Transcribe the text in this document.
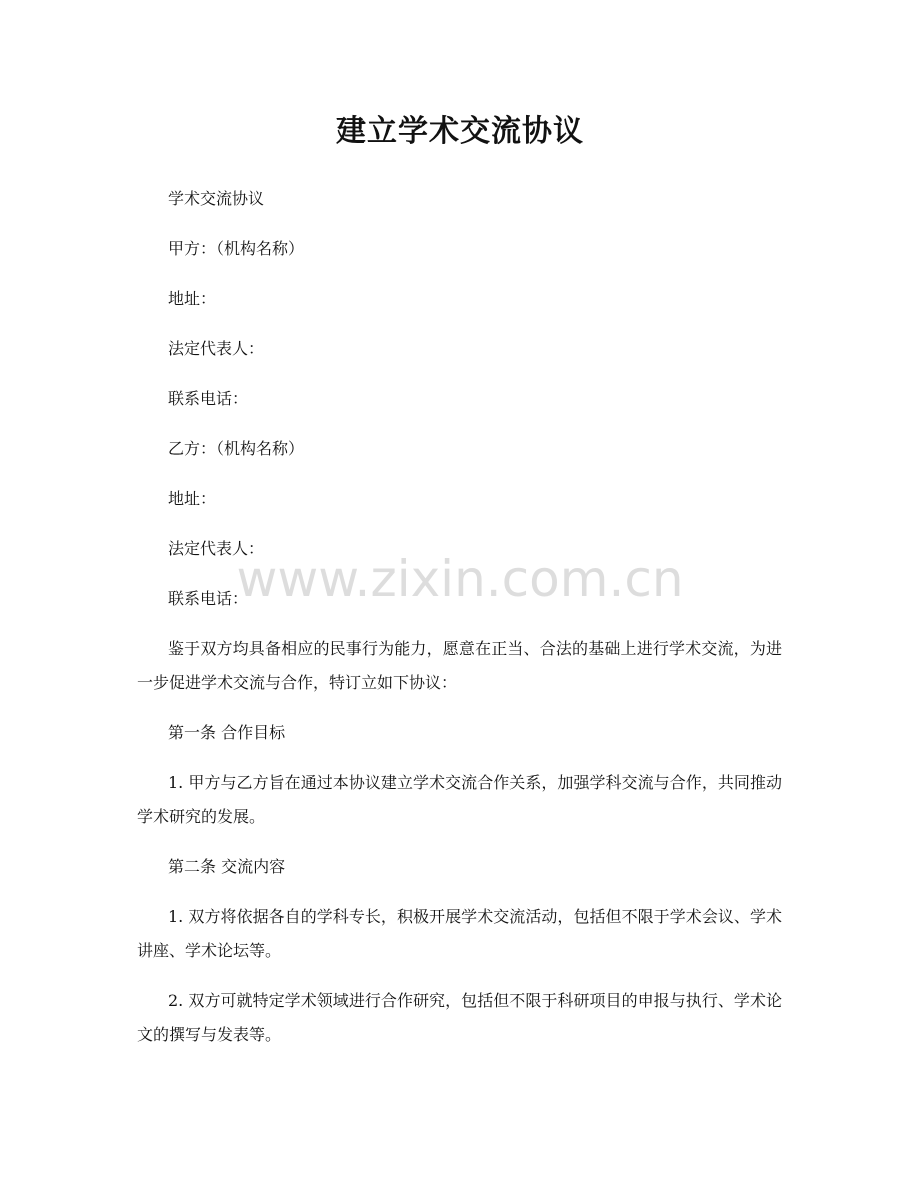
建立学术交流协议

学术交流协议

甲方：（机构名称）

地址：

法定代表人：

联系电话：

乙方：（机构名称）

地址：

法定代表人：

联系电话：

鉴于双方均具备相应的民事行为能力，愿意在正当、合法的基础上进行学术交流，为进一步促进学术交流与合作，特订立如下协议：

第一条 合作目标

1. 甲方与乙方旨在通过本协议建立学术交流合作关系，加强学科交流与合作，共同推动学术研究的发展。

第二条 交流内容

1. 双方将依据各自的学科专长，积极开展学术交流活动，包括但不限于学术会议、学术讲座、学术论坛等。

2. 双方可就特定学术领域进行合作研究，包括但不限于科研项目的申报与执行、学术论文的撰写与发表等。

www.zixin.com.cn
